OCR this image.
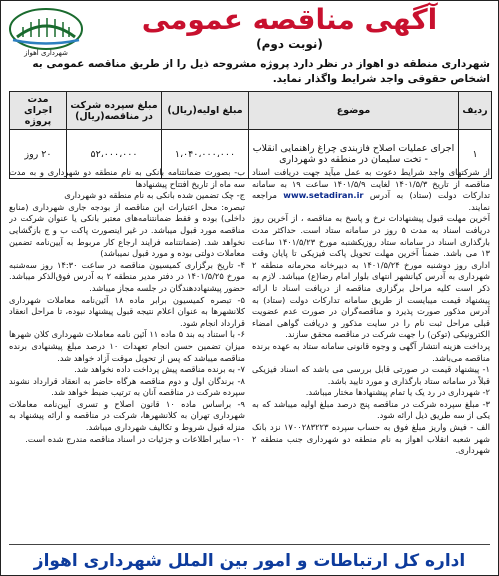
شهرداری اهواز
آگهی مناقصه عمومی
(نوبت دوم)
شهرداری منطقه دو اهواز در نظر دارد پروژه مشروحه ذیل را از طریق مناقصه عمومی به اشخاص حقوقی واجد شرایط واگذار نماید.
ردیف	موضوع	مبلغ اولیه(ریال)	مبلغ سپرده شرکت در مناقصه(ریال)	مدت اجرای پروژه
۱	اجرای عملیات اصلاح فازبندی چراغ راهنمایی انقلاب - تخت سلیمان در منطقه دو شهرداری	۱،۰۴۰،۰۰۰،۰۰۰	۵۲،۰۰۰،۰۰۰	۲۰ روز

از شرکتهای واجد شرایط دعوت به عمل میآید جهت دریافت اسناد مناقصه از تاریخ ۱۴۰۱/۵/۳ لغایت ۱۴۰۱/۵/۹ ساعت ۱۹ به سامانه تدارکات دولت (ستاد) به آدرس www.setadiran.ir مراجعه نمایند.

آخرین مهلت قبول پیشنهادات نرخ و پاسخ به مناقصه ، از آخرین روز دریافت اسناد به مدت ۵ روز در سامانه ستاد است. حداکثر مدت بارگذاری اسناد در سامانه ستاد روزیکشنبه مورخ ۱۴۰۱/۵/۲۳ ساعت ۱۳ می باشد. ضمناً آخرین مهلت تحویل پاکت فیزیکی تا پایان وقت اداری روز دوشنبه مورخ ۱۴۰۱/۵/۲۴ به دبیرخانه محرمانه منطقه ۲ شهرداری به آدرس کیانشهر انتهای بلوار امام رضا(ع) میباشد. لازم به ذکر است کلیه مراحل برگزاری مناقصه از دریافت اسناد تا ارائه پیشنهاد قیمت میبایست از طریق سامانه تدارکات دولت (ستاد) به آدرس مذکور صورت پذیرد و مناقصه‌گران در صورت عدم عضویت قبلی مراحل ثبت نام را در سایت مذکور و دریافت گواهی امضاء الکترونیکی (توکن) را جهت شرکت در مناقصه محقق سازند.

پرداخت هزینه انتشار آگهی و وجوه قانونی سامانه ستاد به عهده برنده مناقصه می‌باشد.

۱- پیشنهاد قیمت در صورتی قابل بررسی می باشد که اسناد فیزیکی قبلاً در سامانه ستاد بارگذاری و مورد تایید باشد.

۲- شهرداری در رد یک یا تمام پیشنهادها مختار میباشد.

۳- مبلغ سپرده شرکت در مناقصه پنج درصد مبلغ اولیه میباشد که به یکی از سه طریق ذیل ارائه شود.

الف - فیش واریز مبلغ فوق به حساب سپرده ۱۷۰۰۲۸۳۲۲۳ نزد بانک شهر شعبه انقلاب اهواز به نام منطقه دو شهرداری جنب منطقه ۲ شهرداری.

ب- بصورت ضمانتنامه بانکی به نام منطقه دو شهرداری و به مدت سه ماه از تاریخ افتتاح پیشنهادها

ج- چک تضمین شده بانکی به نام منطقه دو شهرداری

تبصره: محل اعتبارات این مناقصه از بودجه جاری شهرداری (منابع داخلی) بوده و فقط ضمانتنامه‌های معتبر بانکی یا عنوان شرکت در مناقصه مورد قبول میباشد. در غیر اینصورت پاکت ب و ج بازگشایی نخواهد شد. (ضمانتنامه فرایند ارجاع کار مربوط به آیین‌نامه تضمین معاملات دولتی بوده و مورد قبول نمیباشد)

۴- تاریخ برگزاری کمیسیون مناقصه در ساعت ۱۴:۳۰ روز سه‌شنبه مورخ ۱۴۰۱/۵/۲۵ در دفتر مدیر منطقه ۲ به آدرس فوق‌الذکر میباشد. حضور پیشنهاددهندگان در جلسه مجاز میباشد.

۵- تبصره کمیسیون برابر ماده ۱۸ آئین‌نامه معاملات شهرداری کلانشهرها به عنوان اعلام نتیجه قبول پیشنهاد نبوده، تا مراحل انعقاد قرارداد انجام شود.

۶- با استناد به بند ۵ ماده ۱۱ آئین نامه معاملات شهرداری کلان شهرها میزان تضمین حسن انجام تعهدات ۱۰ درصد مبلغ پیشنهادی برنده مناقصه میباشد که پس از تحویل موقت آزاد خواهد شد.

۷- به برنده مناقصه پیش پرداخت داده نخواهد شد.

۸- برندگان اول و دوم مناقصه هرگاه حاضر به انعقاد قرارداد نشوند سپرده شرکت در مناقصه آنان به ترتیب ضبط خواهد شد.

۹- براساس ماده ۱۰ قانون اصلاح و تسری آیین‌نامه معاملات شهرداری تهران به کلانشهرها، شرکت در مناقصه و ارائه پیشنهاد به منزله قبول شروط و تکالیف شهرداری میباشد.

۱۰- سایر اطلاعات و جزئیات در اسناد مناقصه مندرج شده است.

اداره کل ارتباطات و امور بین الملل شهرداری اهواز
